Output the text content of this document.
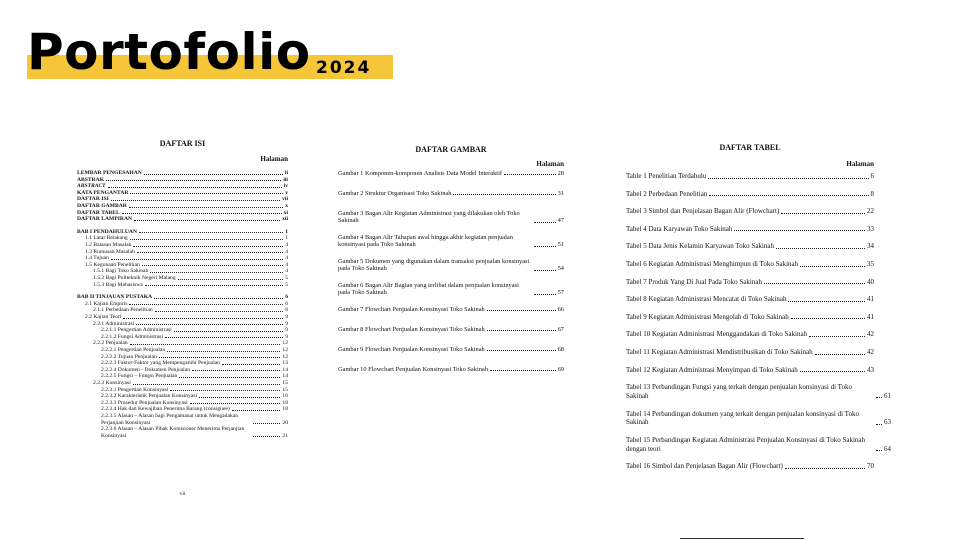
Portofolio 2024
DAFTAR ISI
Halaman
LEMBAR PENGESAHAN	ii
ABSTRAK	iii
ABSTRACT	iv
KATA PENGANTAR	v
DAFTAR ISI	vii
DAFTAR GAMBAR	x
DAFTAR TABEL	xi
DAFTAR LAMPIRAN	xii
BAB I PENDAHULUAN	1
1.1 Latar Belakang	1
1.2 Batasan Masalah	4
1.3 Rumusan Masalah	4
1.4 Tujuan	4
1.5 Kegunaan Penelitian	4
1.5.1 Bagi Toko Sakinah	4
1.5.2 Bagi Politeknik Negeri Malang	5
1.5.3 Bagi Mahasiswa	5
BAB II TINJAUAN PUSTAKA	6
2.1 Kajian Empiris	6
2.1.1 Perbedaan Penelitian	8
2.2 Kajian Teori	9
2.2.1 Administrasi	9
2.2.1.1 Pengertian Administrasi	9
2.2.1.2 Fungsi Administrasi	9
2.2.2 Penjualan	12
2.2.2.1 Pengertian Penjualan	12
2.2.2.2 Tujuan Penjualan	12
2.2.2.3 Faktor-Faktor yang Mempengaruhi Penjualan	13
2.2.2.4 Dokumen - Dokumen Penjualan	14
2.2.2.5 Fungsi – Fungsi Penjualan	14
2.2.3 Konsinyasi	15
2.2.3.1 Pengertian Konsinyasi	15
2.2.3.2 Karakteristik Penjualan Konsinyasi	16
2.2.3.3 Prosedur Penjualan Konsinyasi	18
2.2.3.4 Hak dan Kewajiban Penerima Barang (consignee)	18
2.2.3.5 Alasan – Alasan bagi Pengamanat untuk Mengadakan Perjanjian Konsinyasi	20
2.2.3.6 Alasan – Alasan Pihak Komisioner Menerima Perjanjian Konsinyasi	21
vii
DAFTAR GAMBAR
Halaman
Gambar 1 Komponen-komponen Analisis Data Model Interaktif	28
Gambar 2 Struktur Organisasi Toko Sakinah	31
Gambar 3 Bagan Alir Kegiatan Administrasi yang dilakukan oleh Toko Sakinah	47
Gambar 4 Bagan Alir Tahapan awal hingga akhir kegiatan penjualan konsinyasi pada Toko Sakinah	51
Gambar 5 Dokumen yang digunakan dalam transaksi penjualan konsinyasi pada Toko Sakinah	54
Gambar 6 Bagan Alir Bagian yang terlibat dalam penjualan konsinyasi pada Toko Sakinah	57
Gambar 7 Flowchart Penjualan Konsinyasi Toko Sakinah	66
Gambar 8 Flowchart Penjualan Konsinyasi Toko Sakinah	67
Gambar 9 Flowchart Penjualan Konsinyasi Toko Sakinah	68
Gambar 10 Flowchart Penjualan Konsinyasi Toko Sakinah	69
DAFTAR TABEL
Halaman
Table 1 Penelitian Terdahulu	6
Tabel 2 Perbedaan Penelitian	8
Tabel 3 Simbol dan Penjelasan Bagan Alir (Flowchart)	22
Tabel 4 Data Karyawan Toko Sakinah	33
Tabel 5 Data Jenis Kelamin Karyawan Toko Sakinah	34
Tabel 6 Kegiatan Administrasi Menghimpun di Toko Sakinah	35
Tabel 7 Produk Yang Di Jual Pada Toko Sakinah	40
Tabel 8 Kegiatan Administrasi Mencatat di Toko Sakinah	41
Tabel 9 Kegiatan Administrasi Mengolah di Toko Sakinah	41
Tabel 10 Kegiatan Administrasi Menggandakan di Toko Sakinah	42
Tabel 11 Kegiatan Administrasi Mendistribusikan di Toko Sakinah	42
Tabel 12 Kegiatan Administrasi Menyimpan di Toko Sakinah	43
Tabel 13 Perbandingan Fungsi yang terkait dengan penjualan konsinyasi di Toko Sakinah	61
Tabel 14 Perbandingan dokumen yang terkait dengan penjualan konsinyasi di Toko Sakinah	63
Tabel 15 Perbandingan Kegiatan Administrasi Penjualan Konsinyasi di Toko Sakinah dengan teori	64
Tabel 16 Simbol dan Penjelasan Bagan Alir (Flowchart)	70
